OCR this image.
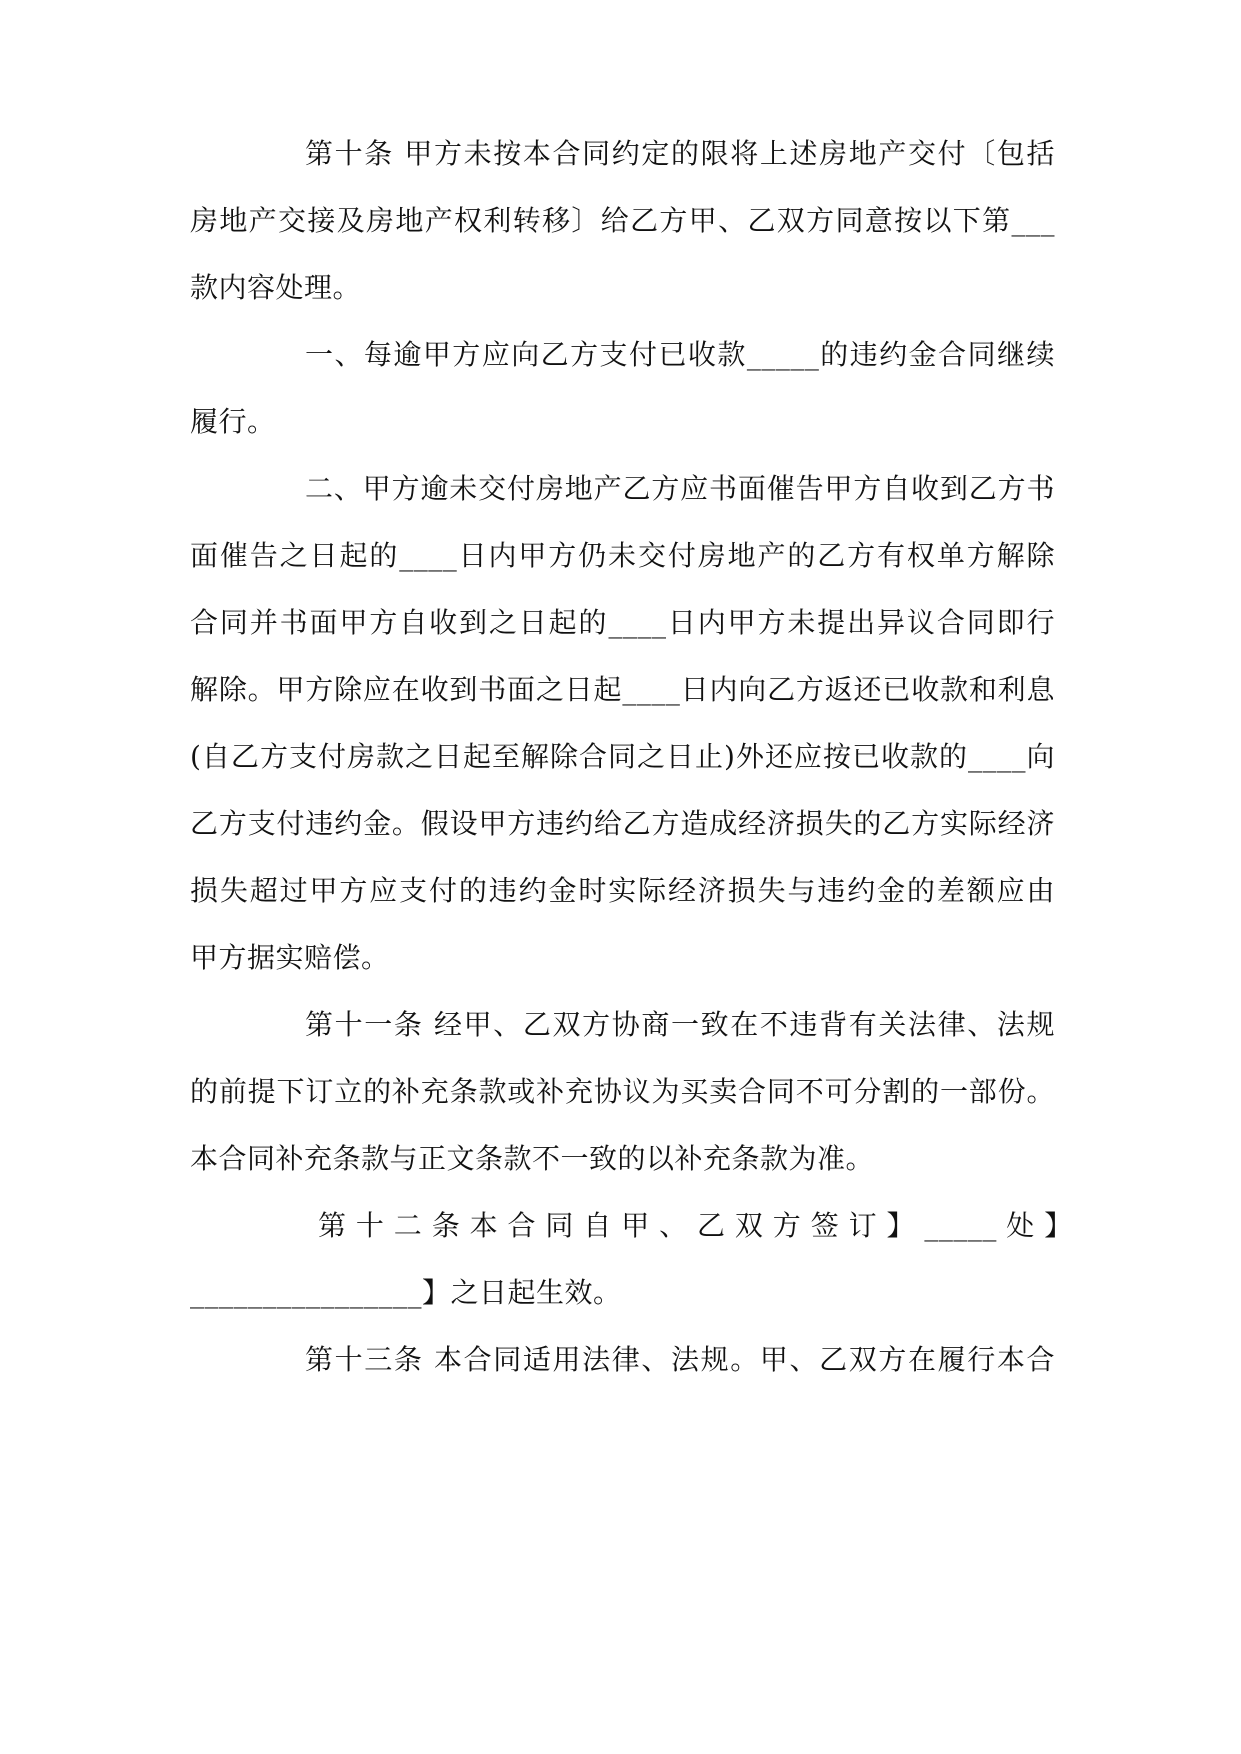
第十条 甲方未按本合同约定的限将上述房地产交付〔包括
房地产交接及房地产权利转移〕给乙方甲、乙双方同意按以下第___
款内容处理。
一、每逾甲方应向乙方支付已收款_____的违约金合同继续
履行。
二、甲方逾未交付房地产乙方应书面催告甲方自收到乙方书
面催告之日起的____日内甲方仍未交付房地产的乙方有权单方解除
合同并书面甲方自收到之日起的____日内甲方未提出异议合同即行
解除。甲方除应在收到书面之日起____日内向乙方返还已收款和利息
(自乙方支付房款之日起至解除合同之日止)外还应按已收款的____向
乙方支付违约金。假设甲方违约给乙方造成经济损失的乙方实际经济
损失超过甲方应支付的违约金时实际经济损失与违约金的差额应由
甲方据实赔偿。
第十一条 经甲、乙双方协商一致在不违背有关法律、法规
的前提下订立的补充条款或补充协议为买卖合同不可分割的一部份。
本合同补充条款与正文条款不一致的以补充条款为准。
第 十 二 条 本 合 同 自 甲 、 乙 双 方 签 订 】 _____ 处 】
________________】之日起生效。
第十三条 本合同适用法律、法规。甲、乙双方在履行本合
